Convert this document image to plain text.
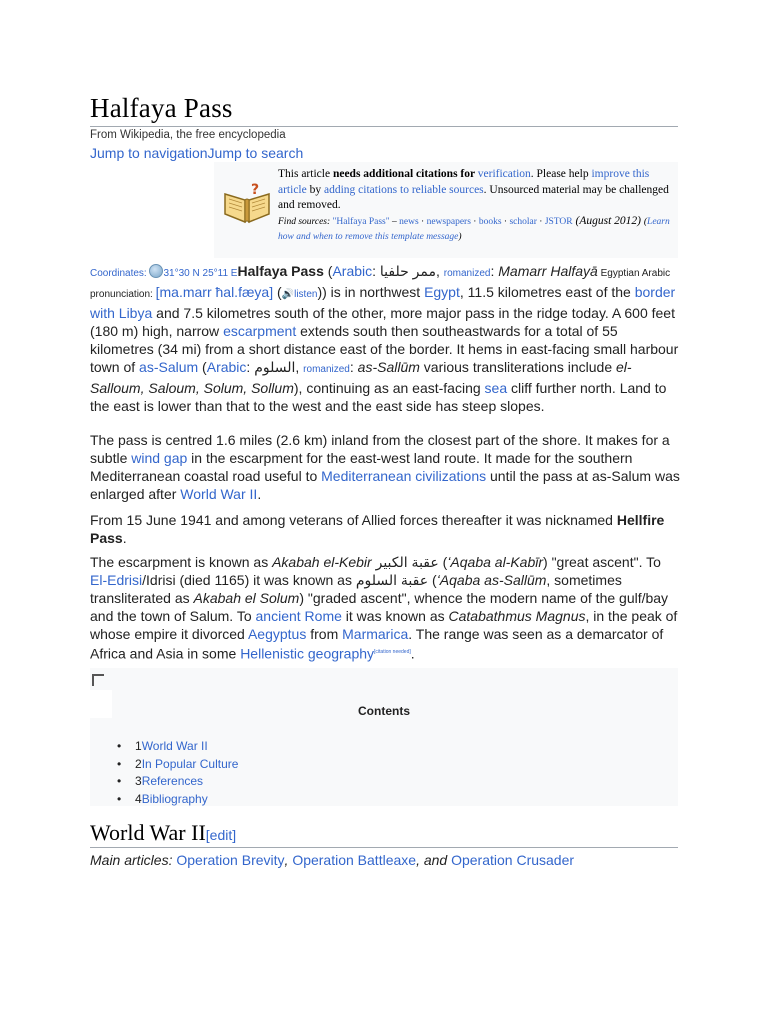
Halfaya Pass
From Wikipedia, the free encyclopedia
Jump to navigationJump to search
?
This article needs additional citations for verification. Please help improve this article by adding citations to reliable sources. Unsourced material may be challenged and removed.
Find sources: "Halfaya Pass" – news · newspapers · books · scholar · JSTOR (August 2012) (Learn how and when to remove this template message)
Coordinates: 31°30 N 25°11 EHalfaya Pass (Arabic: ممر حلفيا, romanized: Mamarr Halfayā Egyptian Arabic pronunciation: [ma.marr ħal.fæya] (🔊listen)) is in northwest Egypt, 11.5 kilometres east of the border with Libya and 7.5 kilometres south of the other, more major pass in the ridge today. A 600 feet (180 m) high, narrow escarpment extends south then southeastwards for a total of 55 kilometres (34 mi) from a short distance east of the border. It hems in east-facing small harbour town of as-Salum (Arabic: السلوم, romanized: as-Sallūm various transliterations include el-Salloum, Saloum, Solum, Sollum), continuing as an east-facing sea cliff further north. Land to the east is lower than that to the west and the east side has steep slopes.
The pass is centred 1.6 miles (2.6 km) inland from the closest part of the shore. It makes for a subtle wind gap in the escarpment for the east-west land route. It made for the southern Mediterranean coastal road useful to Mediterranean civilizations until the pass at as-Salum was enlarged after World War II.
From 15 June 1941 and among veterans of Allied forces thereafter it was nicknamed Hellfire Pass.
The escarpment is known as Akabah el-Kebir عقبة الكبير (ʻAqaba al-Kabīr) "great ascent". To El-Edrisi/Idrisi (died 1165) it was known as عقبة السلوم (ʻAqaba as-Sallūm, sometimes transliterated as Akabah el Solum) "graded ascent", whence the modern name of the gulf/bay and the town of Salum. To ancient Rome it was known as Catabathmus Magnus, in the peak of whose empire it divorced Aegyptus from Marmarica. The range was seen as a demarcator of Africa and Asia in some Hellenistic geography[citation needed].
Contents
• 1World War II
• 2In Popular Culture
• 3References
• 4Bibliography
World War II[edit]
Main articles: Operation Brevity, Operation Battleaxe, and Operation Crusader
